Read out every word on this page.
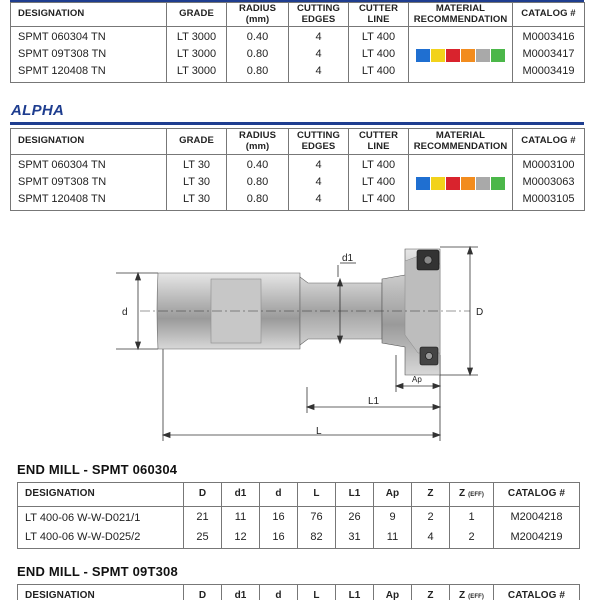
DESIGNATION	GRADE	RADIUS (mm)	CUTTING EDGES	CUTTER LINE	MATERIAL RECOMMENDATION	CATALOG #
SPMT 060304 TN	LT 3000	0.40	4	LT 400		M0003416
SPMT 09T308 TN	LT 3000	0.80	4	LT 400		M0003417
SPMT 120408 TN	LT 3000	0.80	4	LT 400		M0003419
ALPHA
DESIGNATION	GRADE	RADIUS (mm)	CUTTING EDGES	CUTTER LINE	MATERIAL RECOMMENDATION	CATALOG #
SPMT 060304 TN	LT 30	0.40	4	LT 400		M0003100
SPMT 09T308 TN	LT 30	0.80	4	LT 400		M0003063
SPMT 120408 TN	LT 30	0.80	4	LT 400		M0003105
d1
d	D
Ap
L1
L
END MILL - SPMT 060304
DESIGNATION	D	d1	d	L	L1	Ap	Z	Z (EFF)	CATALOG #
LT 400-06 W-W-D021/1	21	11	16	76	26	9	2	1	M2004218
LT 400-06 W-W-D025/2	25	12	16	82	31	11	4	2	M2004219
END MILL - SPMT 09T308
DESIGNATION	D	d1	d	L	L1	Ap	Z	Z (EFF)	CATALOG #
